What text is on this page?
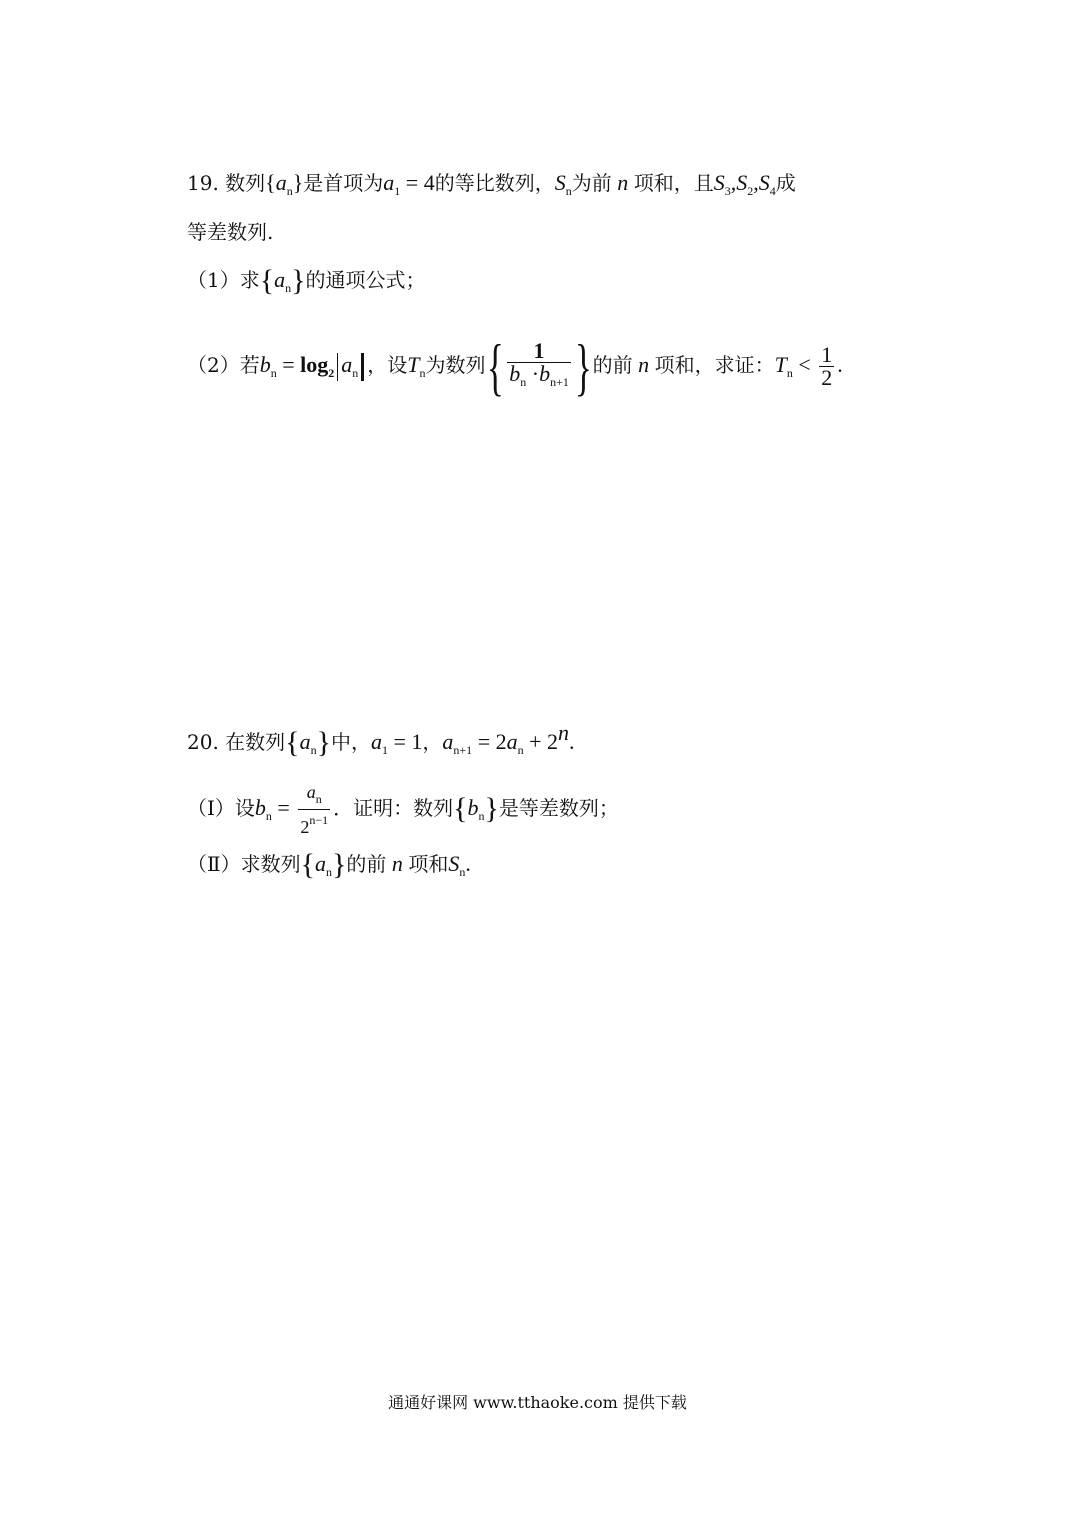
19. 数列$\{a_n\}$是首项为$a_1 = 4$的等比数列，$S_n$为前 n 项和，且$S_3,S_2,S_4$成
等差数列.
（1）求$\{a_n\}$的通项公式；
（2）若$b_n = \log_2 a_n$ ，设$T_n$为数列{ $\frac{1}{b_n \cdot b_{n+1}}$ }的前 n 项和，求证：$T_n < \frac{1}{2}$ .
20. 在数列$\{a_n\}$中，$a_1 = 1$，$a_{n+1} = 2a_n + 2^n$.
（Ⅰ）设$b_n = \frac{a_n}{2^{n-1}}$ ．证明：数列$\{b_n\}$是等差数列；
（Ⅱ）求数列$\{a_n\}$的前 n 项和$S_n$.
通通好课网 www.tthaoke.com 提供下载
